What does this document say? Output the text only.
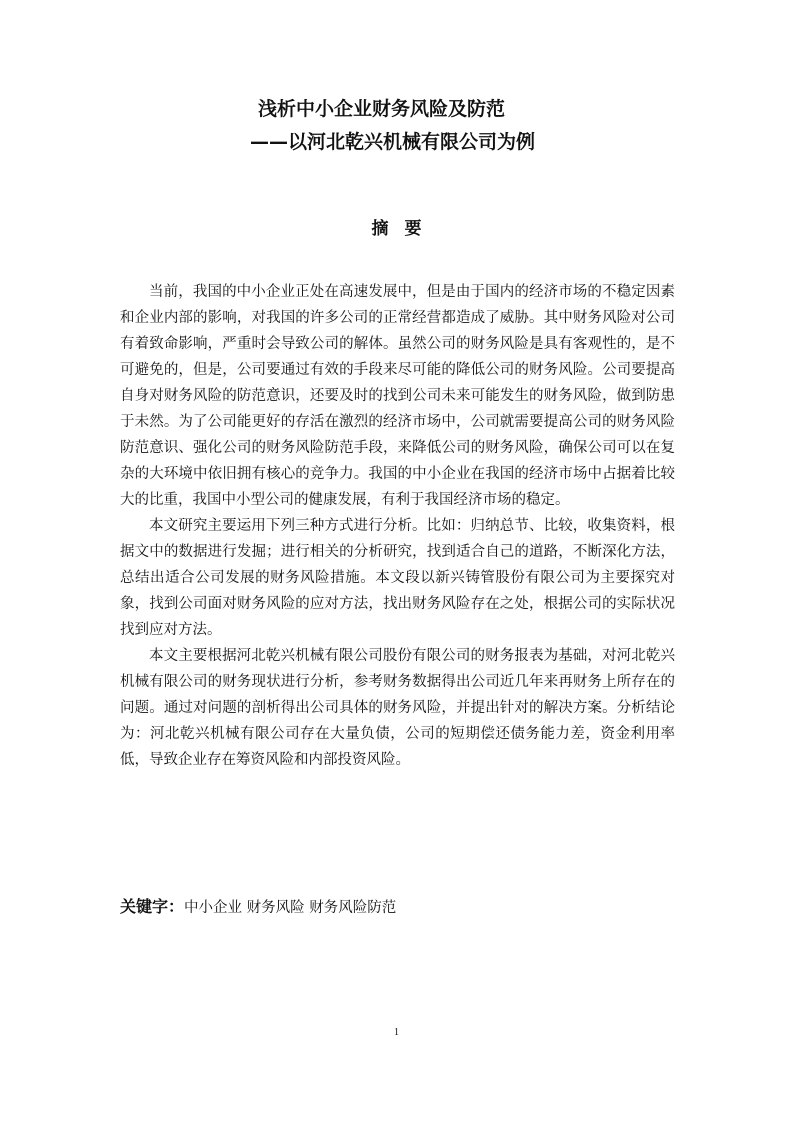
浅析中小企业财务风险及防范
——以河北乾兴机械有限公司为例
摘要

当前，我国的中小企业正处在高速发展中，但是由于国内的经济市场的不稳定因素和企业内部的影响，对我国的许多公司的正常经营都造成了威胁。其中财务风险对公司有着致命影响，严重时会导致公司的解体。虽然公司的财务风险是具有客观性的，是不可避免的，但是，公司要通过有效的手段来尽可能的降低公司的财务风险。公司要提高自身对财务风险的防范意识，还要及时的找到公司未来可能发生的财务风险，做到防患于未然。为了公司能更好的存活在激烈的经济市场中，公司就需要提高公司的财务风险防范意识、强化公司的财务风险防范手段，来降低公司的财务风险，确保公司可以在复杂的大环境中依旧拥有核心的竞争力。我国的中小企业在我国的经济市场中占据着比较大的比重，我国中小型公司的健康发展，有利于我国经济市场的稳定。

本文研究主要运用下列三种方式进行分析。比如：归纳总节、比较，收集资料，根据文中的数据进行发掘；进行相关的分析研究，找到适合自己的道路，不断深化方法，总结出适合公司发展的财务风险措施。本文段以新兴铸管股份有限公司为主要探究对象，找到公司面对财务风险的应对方法，找出财务风险存在之处，根据公司的实际状况找到应对方法。

本文主要根据河北乾兴机械有限公司股份有限公司的财务报表为基础，对河北乾兴机械有限公司的财务现状进行分析，参考财务数据得出公司近几年来再财务上所存在的问题。通过对问题的剖析得出公司具体的财务风险，并提出针对的解决方案。分析结论为：河北乾兴机械有限公司存在大量负债，公司的短期偿还债务能力差，资金利用率低，导致企业存在筹资风险和内部投资风险。

关键字：中小企业 财务风险 财务风险防范
1
